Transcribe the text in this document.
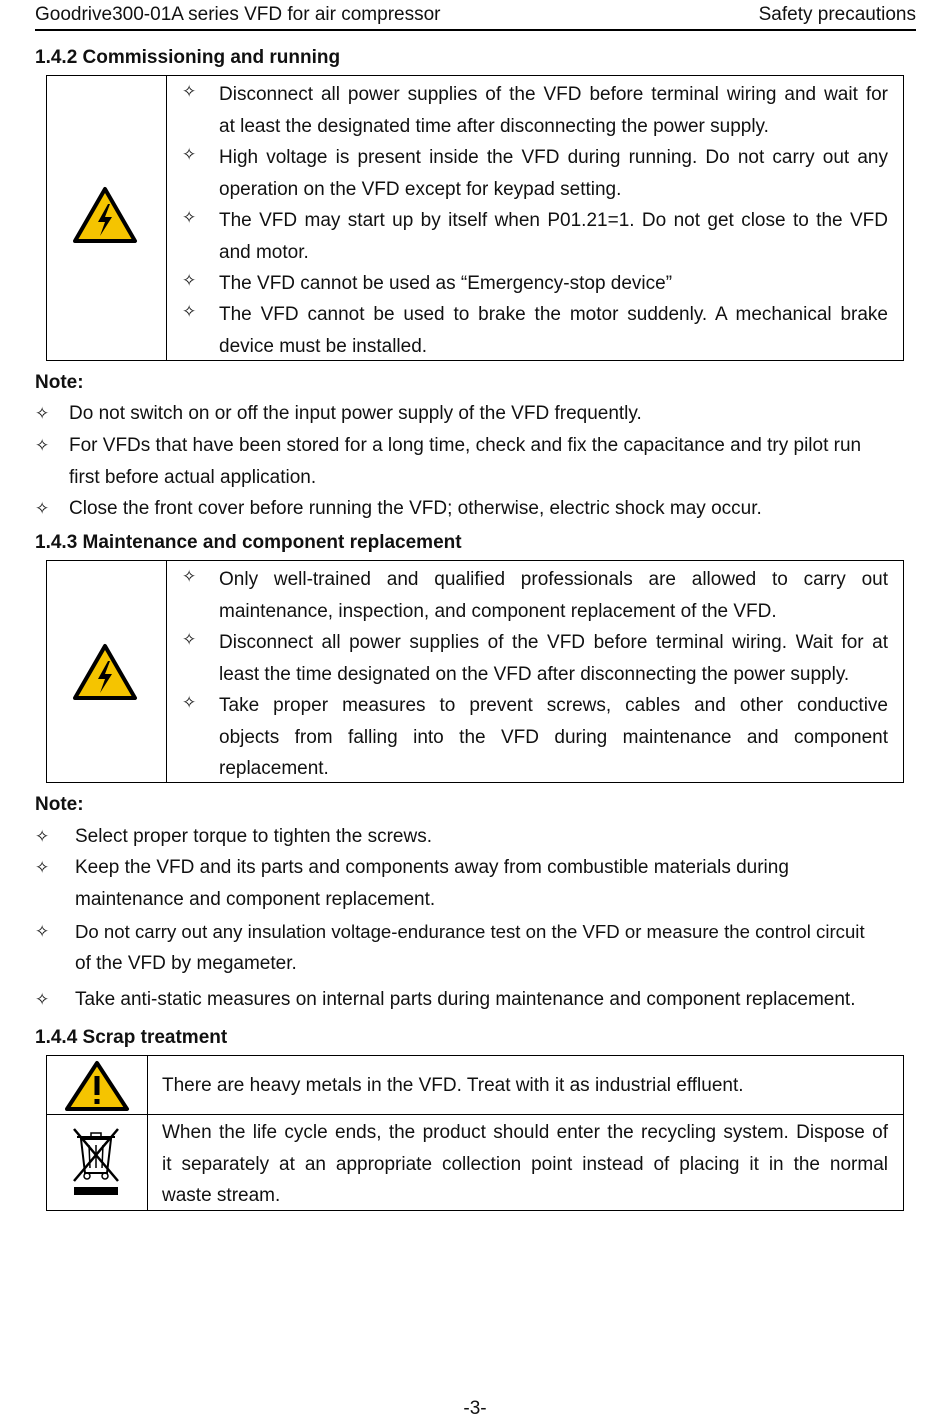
Goodrive300-01A series VFD for air compressor	Safety precautions
1.4.2 Commissioning and running
✧ Disconnect all power supplies of the VFD before terminal wiring and wait for
at least the designated time after disconnecting the power supply.
✧ High voltage is present inside the VFD during running. Do not carry out any
operation on the VFD except for keypad setting.
✧ The VFD may start up by itself when P01.21=1. Do not get close to the VFD
and motor.
✧ The VFD cannot be used as “Emergency-stop device”
✧ The VFD cannot be used to brake the motor suddenly. A mechanical brake
device must be installed.
Note:
✧ Do not switch on or off the input power supply of the VFD frequently.
✧ For VFDs that have been stored for a long time, check and fix the capacitance and try pilot run
first before actual application.
✧ Close the front cover before running the VFD; otherwise, electric shock may occur.
1.4.3 Maintenance and component replacement
✧ Only well-trained and qualified professionals are allowed to carry out
maintenance, inspection, and component replacement of the VFD.
✧ Disconnect all power supplies of the VFD before terminal wiring. Wait for at
least the time designated on the VFD after disconnecting the power supply.
✧ Take proper measures to prevent screws, cables and other conductive
objects from falling into the VFD during maintenance and component
replacement.
Note:
✧ Select proper torque to tighten the screws.
✧ Keep the VFD and its parts and components away from combustible materials during
maintenance and component replacement.
✧ Do not carry out any insulation voltage-endurance test on the VFD or measure the control circuit
of the VFD by megameter.
✧ Take anti-static measures on internal parts during maintenance and component replacement.
1.4.4 Scrap treatment
There are heavy metals in the VFD. Treat with it as industrial effluent.
When the life cycle ends, the product should enter the recycling system. Dispose of
it separately at an appropriate collection point instead of placing it in the normal
waste stream.
-3-
